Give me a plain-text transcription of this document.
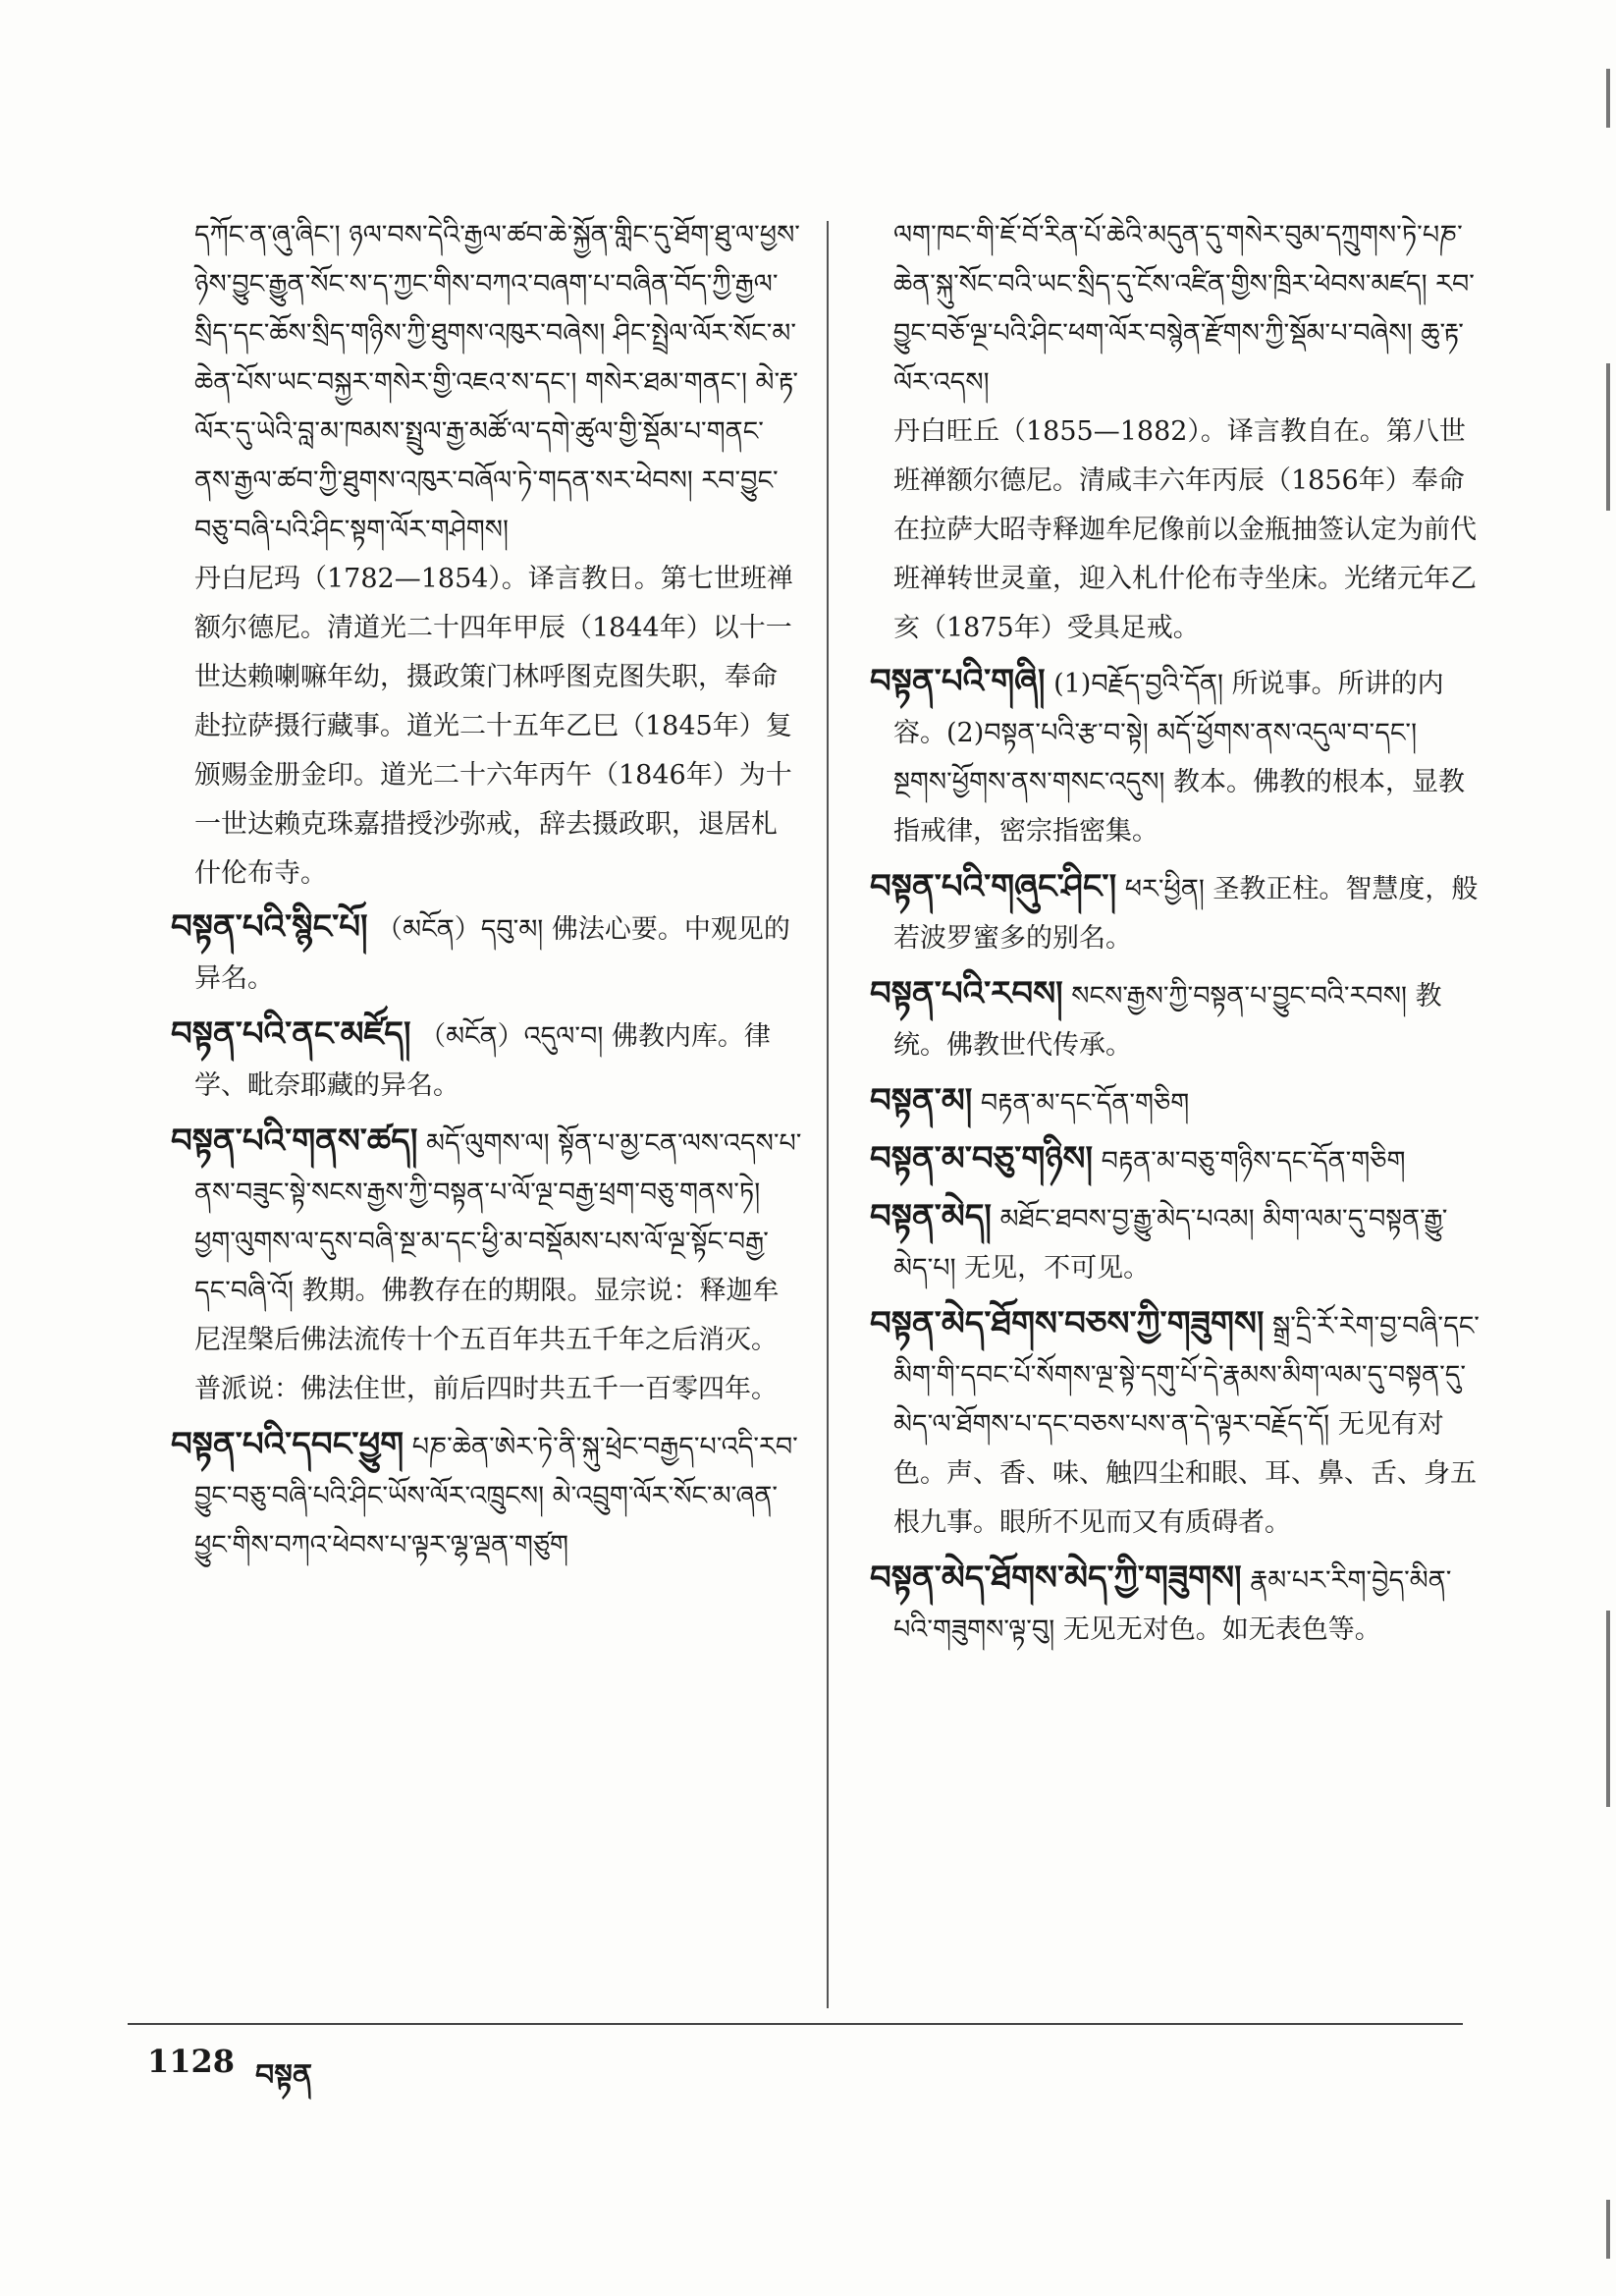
དཀོང་ན་ཞུ་ཞིང་། ཉལ་བས་དེའི་རྒྱལ་ཚབ་ཆེ་སྐྱོན་གླིང་དུ་ཐོག་ཐུ་ལ་ཕྱས་ཉེས་བྱུང་རྒྱུན་སོང་ས་ད་ཀྱང་གིས་བཀའ་བཞག་པ་བཞིན་བོད་ཀྱི་རྒྱལ་སྲིད་དང་ཆོས་སྲིད་གཉིས་ཀྱི་ཐུགས་འཁུར་བཞེས། ཤིང་སྤྲེལ་ལོར་སོང་མ་ཆེན་པོས་ཡང་བསྐྱར་གསེར་གྱི་འཇའ་ས་དང་། གསེར་ཐམ་གནང་། མེ་རྟ་ལོར་དུ་ཡེའི་བླ་མ་ཁམས་སྤྲུལ་རྒྱ་མཚོ་ལ་དགེ་ཚུལ་གྱི་སྡོམ་པ་གནང་ནས་རྒྱལ་ཚབ་ཀྱི་ཐུགས་འཁུར་བཞོལ་ཏེ་གདན་སར་ཕེབས། རབ་བྱུང་བཅུ་བཞི་པའི་ཤིང་སྟག་ལོར་གཤེགས།

丹白尼玛（1782—1854）。译言教日。第七世班禅额尔德尼。清道光二十四年甲辰（1844年）以十一世达赖喇嘛年幼，摄政策门林呼图克图失职，奉命赴拉萨摄行藏事。道光二十五年乙巳（1845年）复颁赐金册金印。道光二十六年丙午（1846年）为十一世达赖克珠嘉措授沙弥戒，辞去摄政职，退居札什伦布寺。

བསྟན་པའི་སྙིང་པོ། （མངོན）དབུ་མ། 佛法心要。中观见的异名。
བསྟན་པའི་ནང་མཛོད། （མངོན）འདུལ་བ། 佛教内库。律学、毗奈耶藏的异名。
བསྟན་པའི་གནས་ཚད། མདོ་ལུགས་ལ། སྟོན་པ་མྱ་ངན་ལས་འདས་པ་ནས་བཟུང་སྟེ་སངས་རྒྱས་ཀྱི་བསྟན་པ་ལོ་ལྔ་བརྒྱ་ཕྲག་བཅུ་གནས་ཏེ། ཕྱག་ལུགས་ལ་དུས་བཞི་སྔ་མ་དང་ཕྱི་མ་བསྡོམས་པས་ལོ་ལྔ་སྟོང་བརྒྱ་དང་བཞི་འོ། 教期。佛教存在的期限。显宗说：释迦牟尼涅槃后佛法流传十个五百年共五千年之后消灭。普派说：佛法住世，前后四时共五千一百零四年。
བསྟན་པའི་དབང་ཕྱུག པཎ་ཆེན་ཨེར་ཏེ་ནི་སྐུ་ཕྲེང་བརྒྱད་པ་འདི་རབ་བྱུང་བཅུ་བཞི་པའི་ཤིང་ཡོས་ལོར་འཁྲུངས། མེ་འབྲུག་ལོར་སོང་མ་ཞན་ཕྱུང་གིས་བཀའ་ཕེབས་པ་ལྟར་ལྷ་ལྡན་གཙུག

ལག་ཁང་གི་ཇོ་བོ་རིན་པོ་ཆེའི་མདུན་དུ་གསེར་བུམ་དཀྲུགས་ཏེ་པཎ་ཆེན་སྐུ་སོང་བའི་ཡང་སྲིད་དུ་ངོས་འཛིན་གྱིས་ཁྲིར་ཕེབས་མཛད། རབ་བྱུང་བཅོ་ལྔ་པའི་ཤིང་ཕག་ལོར་བསྙེན་རྫོགས་ཀྱི་སྡོམ་པ་བཞེས། ཆུ་རྟ་ལོར་འདས།

丹白旺丘（1855—1882）。译言教自在。第八世班禅额尔德尼。清咸丰六年丙辰（1856年）奉命在拉萨大昭寺释迦牟尼像前以金瓶抽签认定为前代班禅转世灵童，迎入札什伦布寺坐床。光绪元年乙亥（1875年）受具足戒。

བསྟན་པའི་གཞི། (1)བརྗོད་བྱའི་དོན། 所说事。所讲的内容。(2)བསྟན་པའི་རྩ་བ་སྟེ། མདོ་ཕྱོགས་ནས་འདུལ་བ་དང་། སྔགས་ཕྱོགས་ནས་གསང་འདུས། 教本。佛教的根本，显教指戒律，密宗指密集。
བསྟན་པའི་གཞུང་ཤིང་། ཕར་ཕྱིན། 圣教正柱。智慧度，般若波罗蜜多的别名。
བསྟན་པའི་རབས། སངས་རྒྱས་ཀྱི་བསྟན་པ་བྱུང་བའི་རབས། 教统。佛教世代传承。
བསྟན་མ། བརྟན་མ་དང་དོན་གཅིག
བསྟན་མ་བཅུ་གཉིས། བརྟན་མ་བཅུ་གཉིས་དང་དོན་གཅིག
བསྟན་མེད། མཐོང་ཐབས་བྱ་རྒྱུ་མེད་པའམ། མིག་ལམ་དུ་བསྟན་རྒྱུ་མེད་པ། 无见，不可见。
བསྟན་མེད་ཐོགས་བཅས་ཀྱི་གཟུགས། སྒྲ་དྲི་རོ་རེག་བྱ་བཞི་དང་མིག་གི་དབང་པོ་སོགས་ལྔ་སྟེ་དགུ་པོ་དེ་རྣམས་མིག་ལམ་དུ་བསྟན་དུ་མེད་ལ་ཐོགས་པ་དང་བཅས་པས་ན་དེ་ལྟར་བརྗོད་དོ། 无见有对色。声、香、味、触四尘和眼、耳、鼻、舌、身五根九事。眼所不见而又有质碍者。
བསྟན་མེད་ཐོགས་མེད་ཀྱི་གཟུགས། རྣམ་པར་རིག་བྱེད་མིན་པའི་གཟུགས་ལྟ་བུ། 无见无对色。如无表色等。
1128 བསྟན
